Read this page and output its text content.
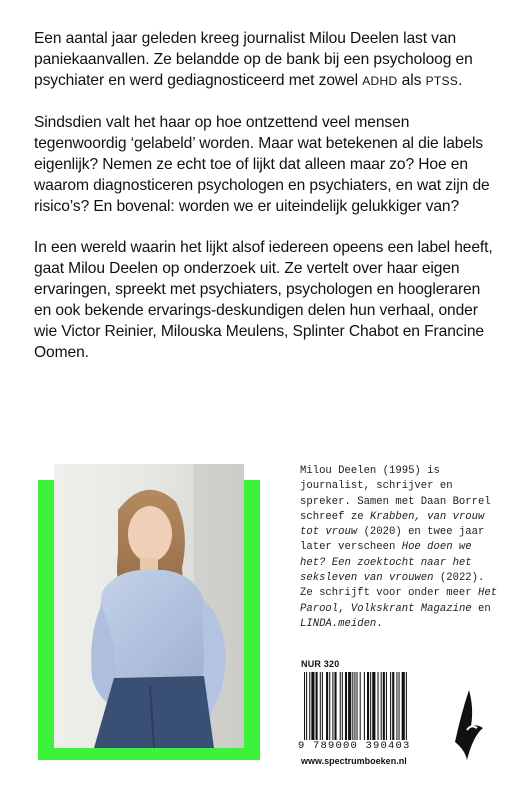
Een aantal jaar geleden kreeg journalist Milou Deelen last van paniekaanvallen. Ze belandde op de bank bij een psycholoog en psychiater en werd gediagnosticeerd met zowel ADHD als PTSS.

Sindsdien valt het haar op hoe ontzettend veel mensen tegenwoordig ‘gelabeld’ worden. Maar wat betekenen al die labels eigenlijk? Nemen ze echt toe of lijkt dat alleen maar zo? Hoe en waarom diagnosticeren psychologen en psychiaters, en wat zijn de risico’s? En bovenal: worden we er uiteindelijk gelukkiger van?

In een wereld waarin het lijkt alsof iedereen opeens een label heeft, gaat Milou Deelen op onderzoek uit. Ze vertelt over haar eigen ervaringen, spreekt met psychiaters, psychologen en hoogleraren en ook bekende ervarings-deskundigen delen hun verhaal, onder wie Victor Reinier, Milouska Meulens, Splinter Chabot en Francine Oomen.

Milou Deelen (1995) is journalist, schrijver en spreker. Samen met Daan Borrel schreef ze Krabben, van vrouw tot vrouw (2020) en twee jaar later verscheen Hoe doen we het? Een zoektocht naar het seksleven van vrouwen (2022). Ze schrijft voor onder meer Het Parool, Volkskrant Magazine en LINDA.meiden.
NUR 320
9 789000 390403
www.spectrumboeken.nl
